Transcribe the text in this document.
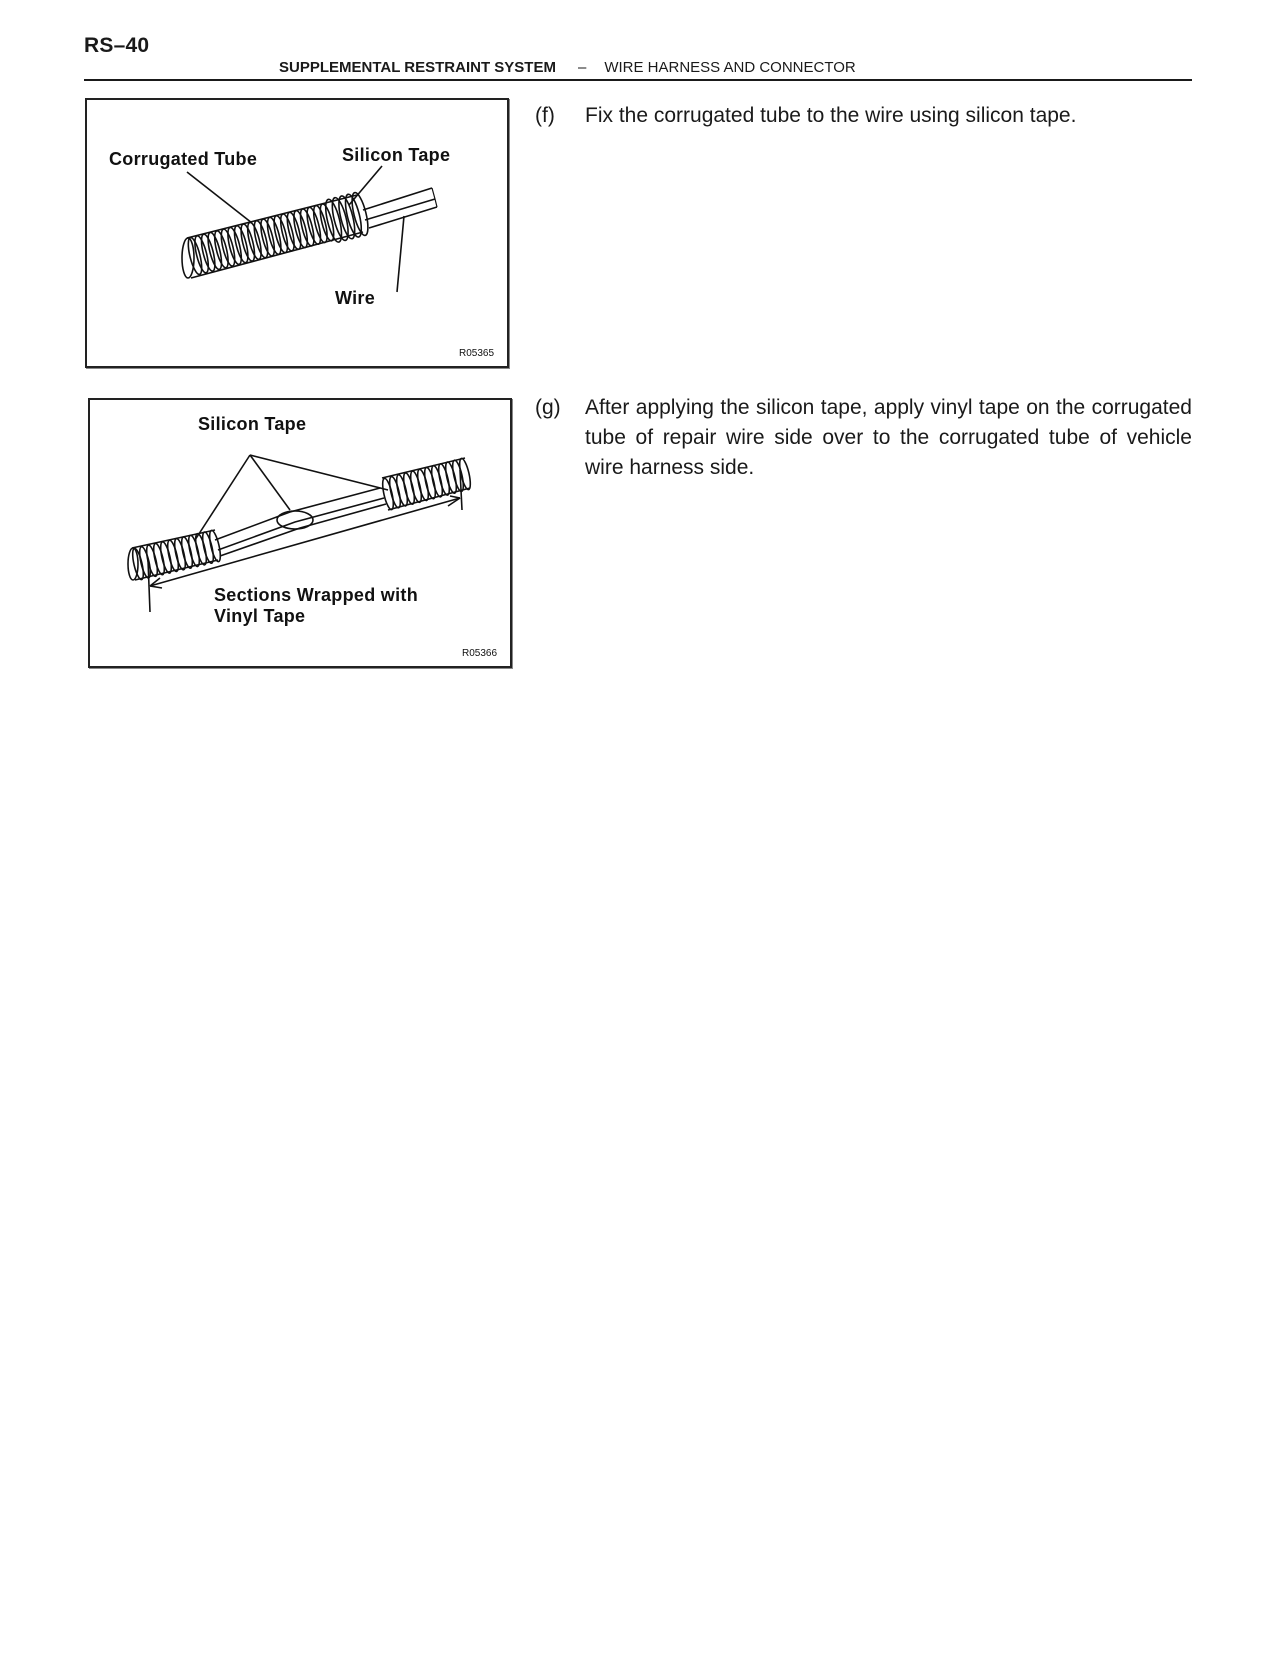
RS–40
SUPPLEMENTAL RESTRAINT SYSTEM – WIRE HARNESS AND CONNECTOR
Corrugated Tube	Silicon Tape
Wire
R05365
(f) Fix the corrugated tube to the wire using silicon tape.
Silicon Tape
Sections Wrapped with
Vinyl Tape
R05366
(g) After applying the silicon tape, apply vinyl tape on the corrugated tube of repair wire side over to the corrugated tube of vehicle wire harness side.
